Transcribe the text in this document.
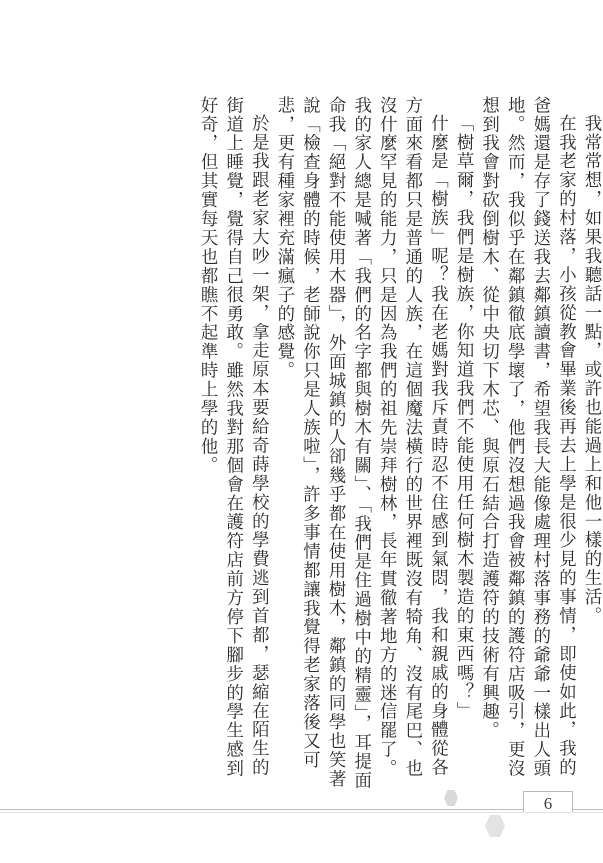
我常常想，如果我聽話一點，或許也能過上和他一樣的生活。

在我老家的村落，小孩從教會畢業後再去上學是很少見的事情，即使如此，我的爸媽還是存了錢送我去鄰鎮讀書，希望我長大能像處理村落事務的爺爺一樣出人頭地。然而，我似乎在鄰鎮徹底學壞了，他們沒想過我會被鄰鎮的護符店吸引，更沒想到我會對砍倒樹木、從中央切下木芯、與原石結合打造護符的技術有興趣。

「樹草爾，我們是樹族，你知道我們不能使用任何樹木製造的東西嗎？」

什麼是「樹族」呢？我在老媽對我斥責時忍不住感到氣悶，我和親戚的身體從各方面來看都只是普通的人族，在這個魔法橫行的世界裡既沒有犄角、沒有尾巴、也沒什麼罕見的能力，只是因為我們的祖先崇拜樹林，長年貫徹著地方的迷信罷了。我的家人總是喊著「我們的名字都與樹木有關」、「我們是住過樹中的精靈」，耳提面命我「絕對不能使用木器」，外面城鎮的人卻幾乎都在使用樹木，鄰鎮的同學也笑著說「檢查身體的時候，老師說你只是人族啦」，許多事情都讓我覺得老家落後又可悲，更有種家裡充滿瘋子的感覺。

於是我跟老家大吵一架，拿走原本要給奇蒔學校的學費逃到首都，瑟縮在陌生的街道上睡覺，覺得自己很勇敢。雖然我對那個會在護符店前方停下腳步的學生感到好奇，但其實每天也都瞧不起準時上學的他。

6
